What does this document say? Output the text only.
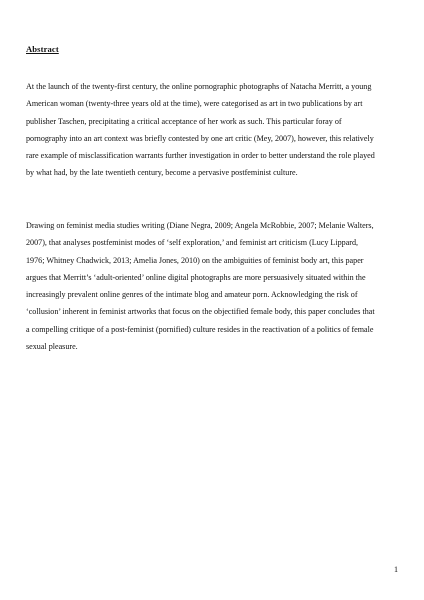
Abstract

At the launch of the twenty-first century, the online pornographic photographs of Natacha Merritt, a young
American woman (twenty-three years old at the time), were categorised as art in two publications by art
publisher Taschen, precipitating a critical acceptance of her work as such. This particular foray of
pornography into an art context was briefly contested by one art critic (Mey, 2007), however, this relatively
rare example of misclassification warrants further investigation in order to better understand the role played
by what had, by the late twentieth century, become a pervasive postfeminist culture.

Drawing on feminist media studies writing (Diane Negra, 2009; Angela McRobbie, 2007; Melanie Walters,
2007), that analyses postfeminist modes of ‘self exploration,’ and feminist art criticism (Lucy Lippard,
1976; Whitney Chadwick, 2013; Amelia Jones, 2010) on the ambiguities of feminist body art, this paper
argues that Merritt’s ‘adult-oriented’ online digital photographs are more persuasively situated within the
increasingly prevalent online genres of the intimate blog and amateur porn. Acknowledging the risk of
‘collusion’ inherent in feminist artworks that focus on the objectified female body, this paper concludes that
a compelling critique of a post-feminist (pornified) culture resides in the reactivation of a politics of female
sexual pleasure.

1
